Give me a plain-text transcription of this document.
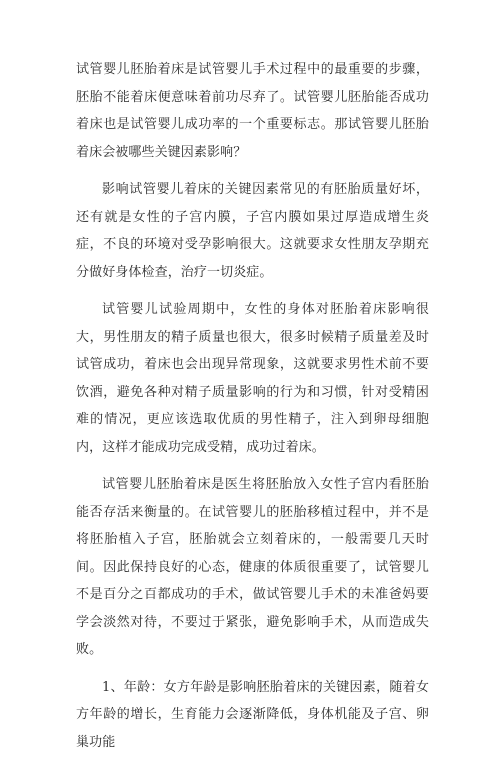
试管婴儿胚胎着床是试管婴儿手术过程中的最重要的步骤，胚胎不能着床便意味着前功尽弃了。试管婴儿胚胎能否成功着床也是试管婴儿成功率的一个重要标志。那试管婴儿胚胎着床会被哪些关键因素影响？

影响试管婴儿着床的关键因素常见的有胚胎质量好坏，还有就是女性的子宫内膜，子宫内膜如果过厚造成增生炎症，不良的环境对受孕影响很大。这就要求女性朋友孕期充分做好身体检查，治疗一切炎症。

试管婴儿试验周期中，女性的身体对胚胎着床影响很大，男性朋友的精子质量也很大，很多时候精子质量差及时试管成功，着床也会出现异常现象，这就要求男性术前不要饮酒，避免各种对精子质量影响的行为和习惯，针对受精困难的情况，更应该选取优质的男性精子，注入到卵母细胞内，这样才能成功完成受精，成功过着床。

试管婴儿胚胎着床是医生将胚胎放入女性子宫内看胚胎能否存活来衡量的。在试管婴儿的胚胎移植过程中，并不是将胚胎植入子宫，胚胎就会立刻着床的，一般需要几天时间。因此保持良好的心态，健康的体质很重要了，试管婴儿不是百分之百都成功的手术，做试管婴儿手术的未准爸妈要学会淡然对待，不要过于紧张，避免影响手术，从而造成失败。

1、年龄：女方年龄是影响胚胎着床的关键因素，随着女方年龄的增长，生育能力会逐渐降低，身体机能及子宫、卵巢功能
